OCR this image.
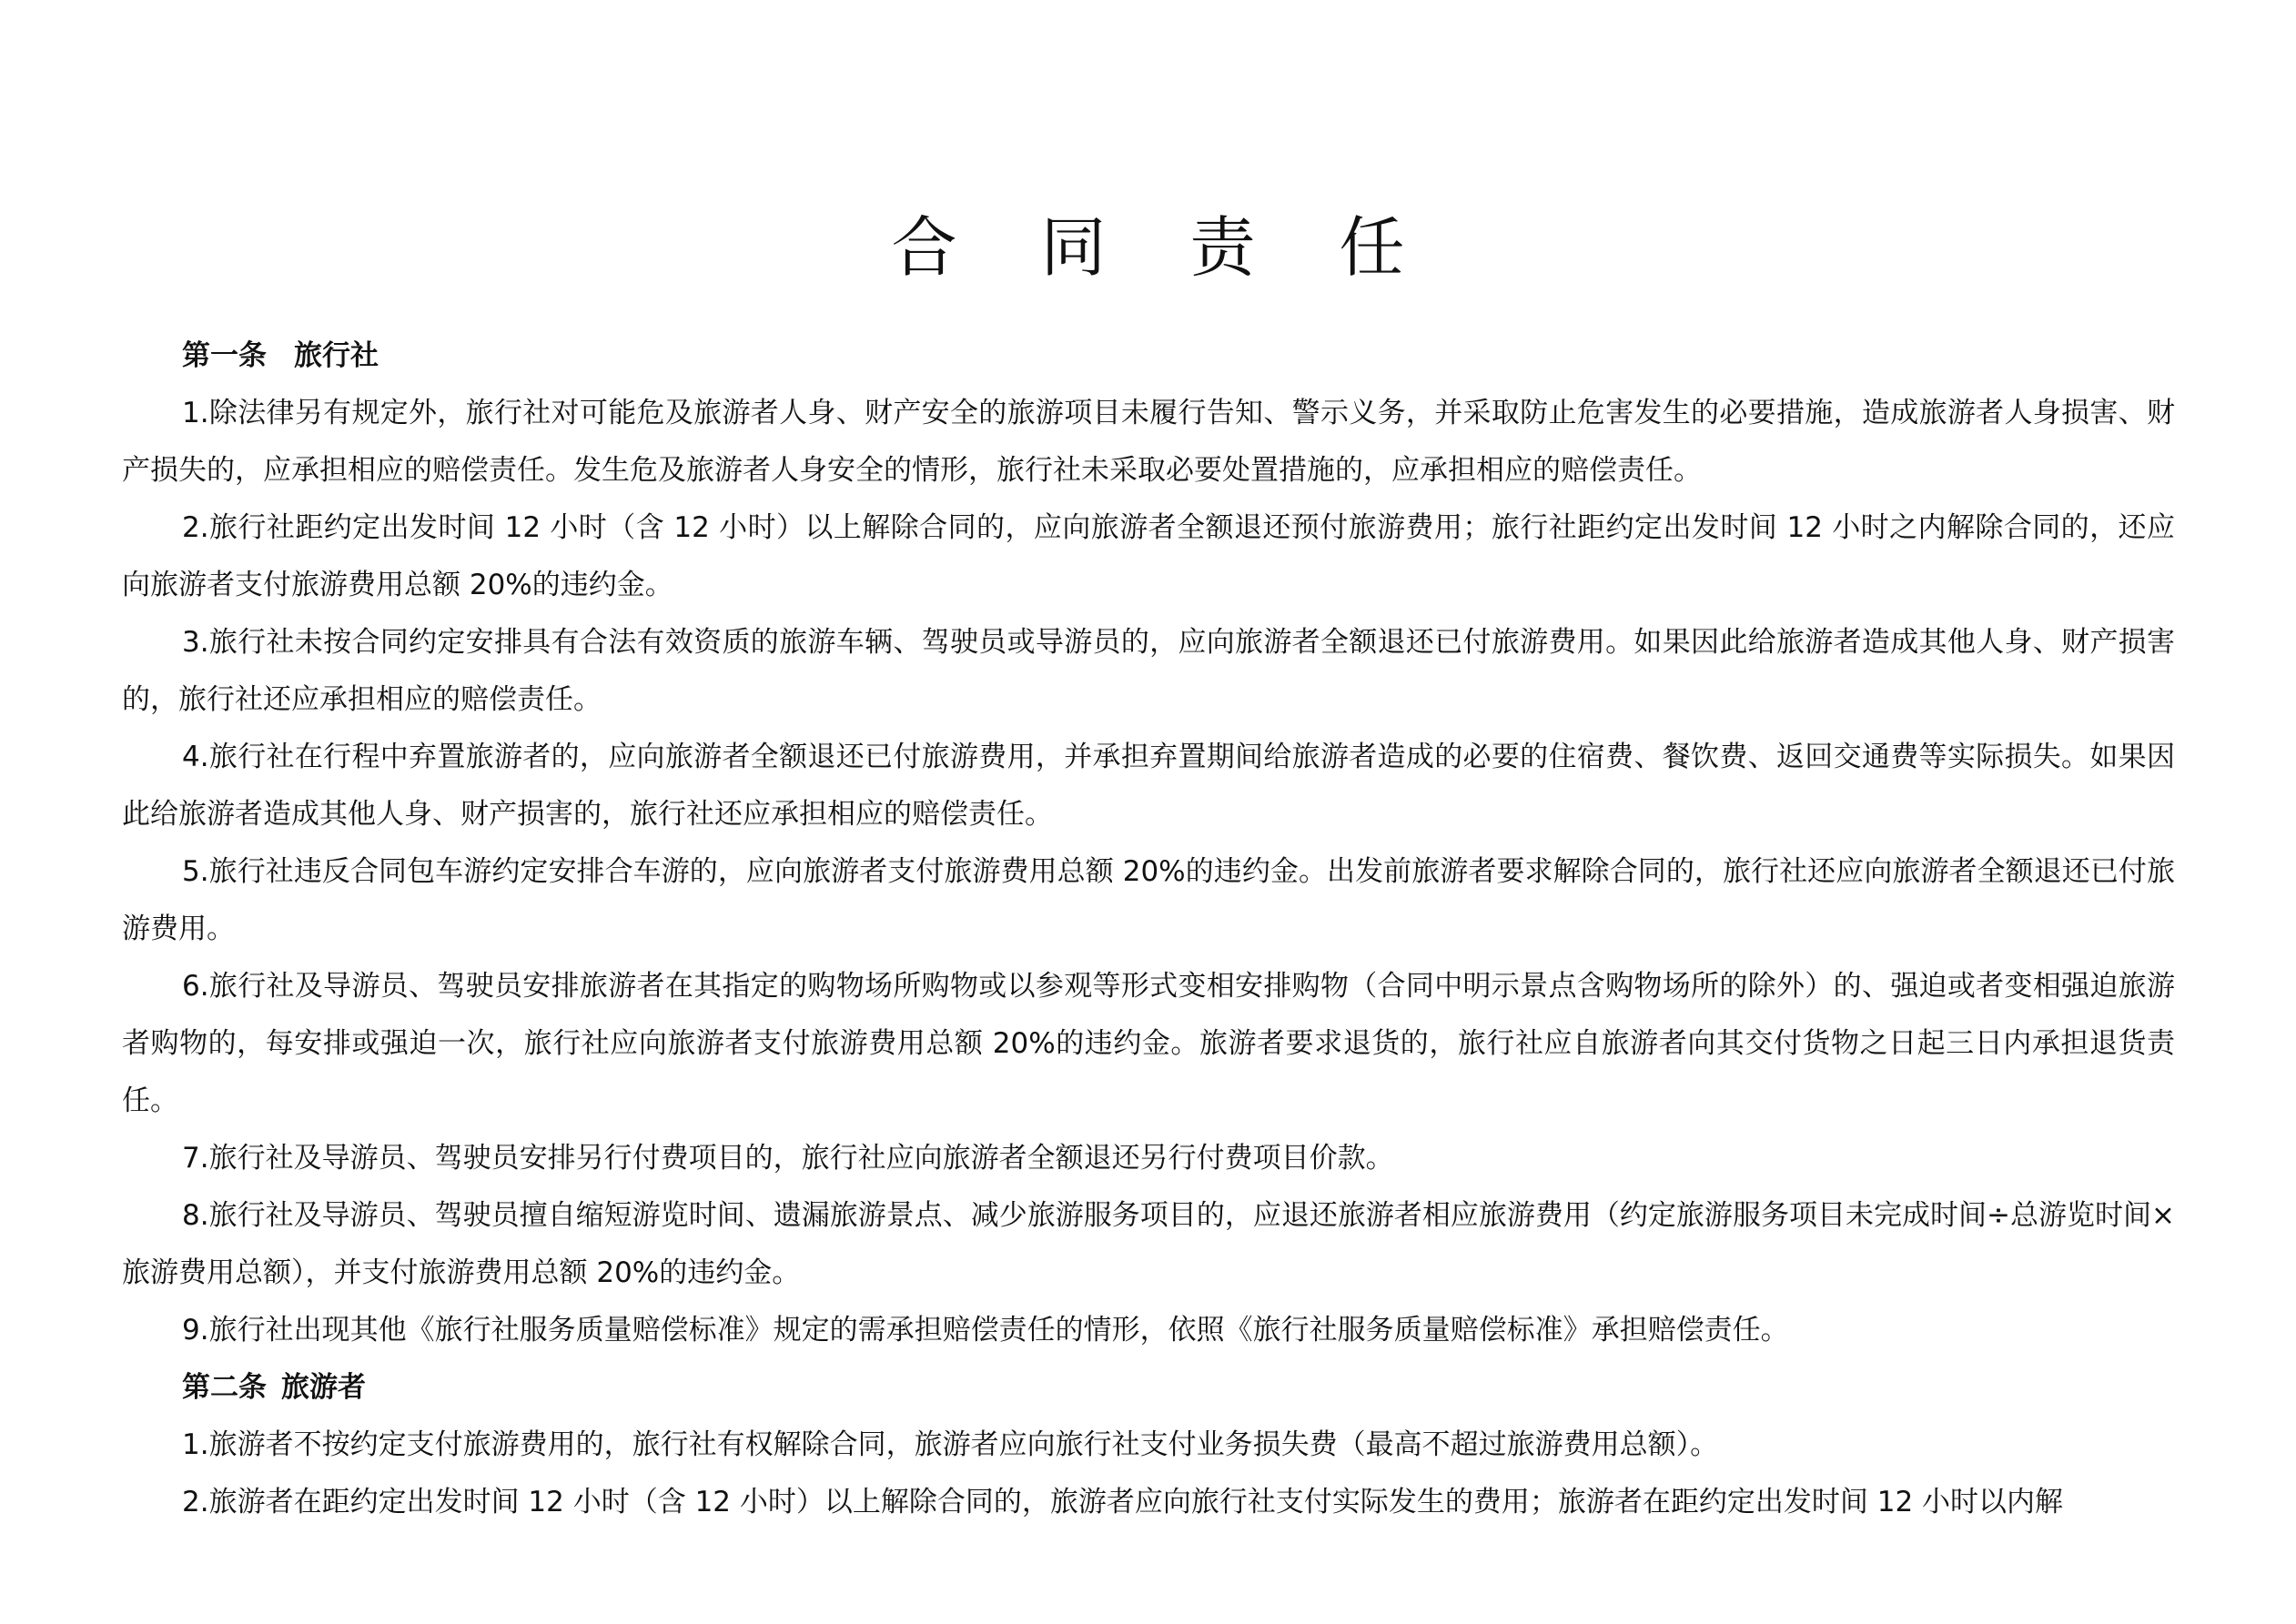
合 同 责 任

第一条 旅行社

1.除法律另有规定外，旅行社对可能危及旅游者人身、财产安全的旅游项目未履行告知、警示义务，并采取防止危害发生的必要措施，造成旅游者人身损害、财产损失的，应承担相应的赔偿责任。发生危及旅游者人身安全的情形，旅行社未采取必要处置措施的，应承担相应的赔偿责任。

2.旅行社距约定出发时间 12 小时（含 12 小时）以上解除合同的，应向旅游者全额退还预付旅游费用；旅行社距约定出发时间 12 小时之内解除合同的，还应向旅游者支付旅游费用总额 20%的违约金。

3.旅行社未按合同约定安排具有合法有效资质的旅游车辆、驾驶员或导游员的，应向旅游者全额退还已付旅游费用。如果因此给旅游者造成其他人身、财产损害的，旅行社还应承担相应的赔偿责任。

4.旅行社在行程中弃置旅游者的，应向旅游者全额退还已付旅游费用，并承担弃置期间给旅游者造成的必要的住宿费、餐饮费、返回交通费等实际损失。如果因此给旅游者造成其他人身、财产损害的，旅行社还应承担相应的赔偿责任。

5.旅行社违反合同包车游约定安排合车游的，应向旅游者支付旅游费用总额 20%的违约金。出发前旅游者要求解除合同的，旅行社还应向旅游者全额退还已付旅游费用。

6.旅行社及导游员、驾驶员安排旅游者在其指定的购物场所购物或以参观等形式变相安排购物（合同中明示景点含购物场所的除外）的、强迫或者变相强迫旅游者购物的，每安排或强迫一次，旅行社应向旅游者支付旅游费用总额 20%的违约金。旅游者要求退货的，旅行社应自旅游者向其交付货物之日起三日内承担退货责任。

7.旅行社及导游员、驾驶员安排另行付费项目的，旅行社应向旅游者全额退还另行付费项目价款。

8.旅行社及导游员、驾驶员擅自缩短游览时间、遗漏旅游景点、减少旅游服务项目的，应退还旅游者相应旅游费用（约定旅游服务项目未完成时间÷总游览时间×旅游费用总额），并支付旅游费用总额 20%的违约金。

9.旅行社出现其他《旅行社服务质量赔偿标准》规定的需承担赔偿责任的情形，依照《旅行社服务质量赔偿标准》承担赔偿责任。

第二条 旅游者

1.旅游者不按约定支付旅游费用的，旅行社有权解除合同，旅游者应向旅行社支付业务损失费（最高不超过旅游费用总额）。

2.旅游者在距约定出发时间 12 小时（含 12 小时）以上解除合同的，旅游者应向旅行社支付实际发生的费用；旅游者在距约定出发时间 12 小时以内解
